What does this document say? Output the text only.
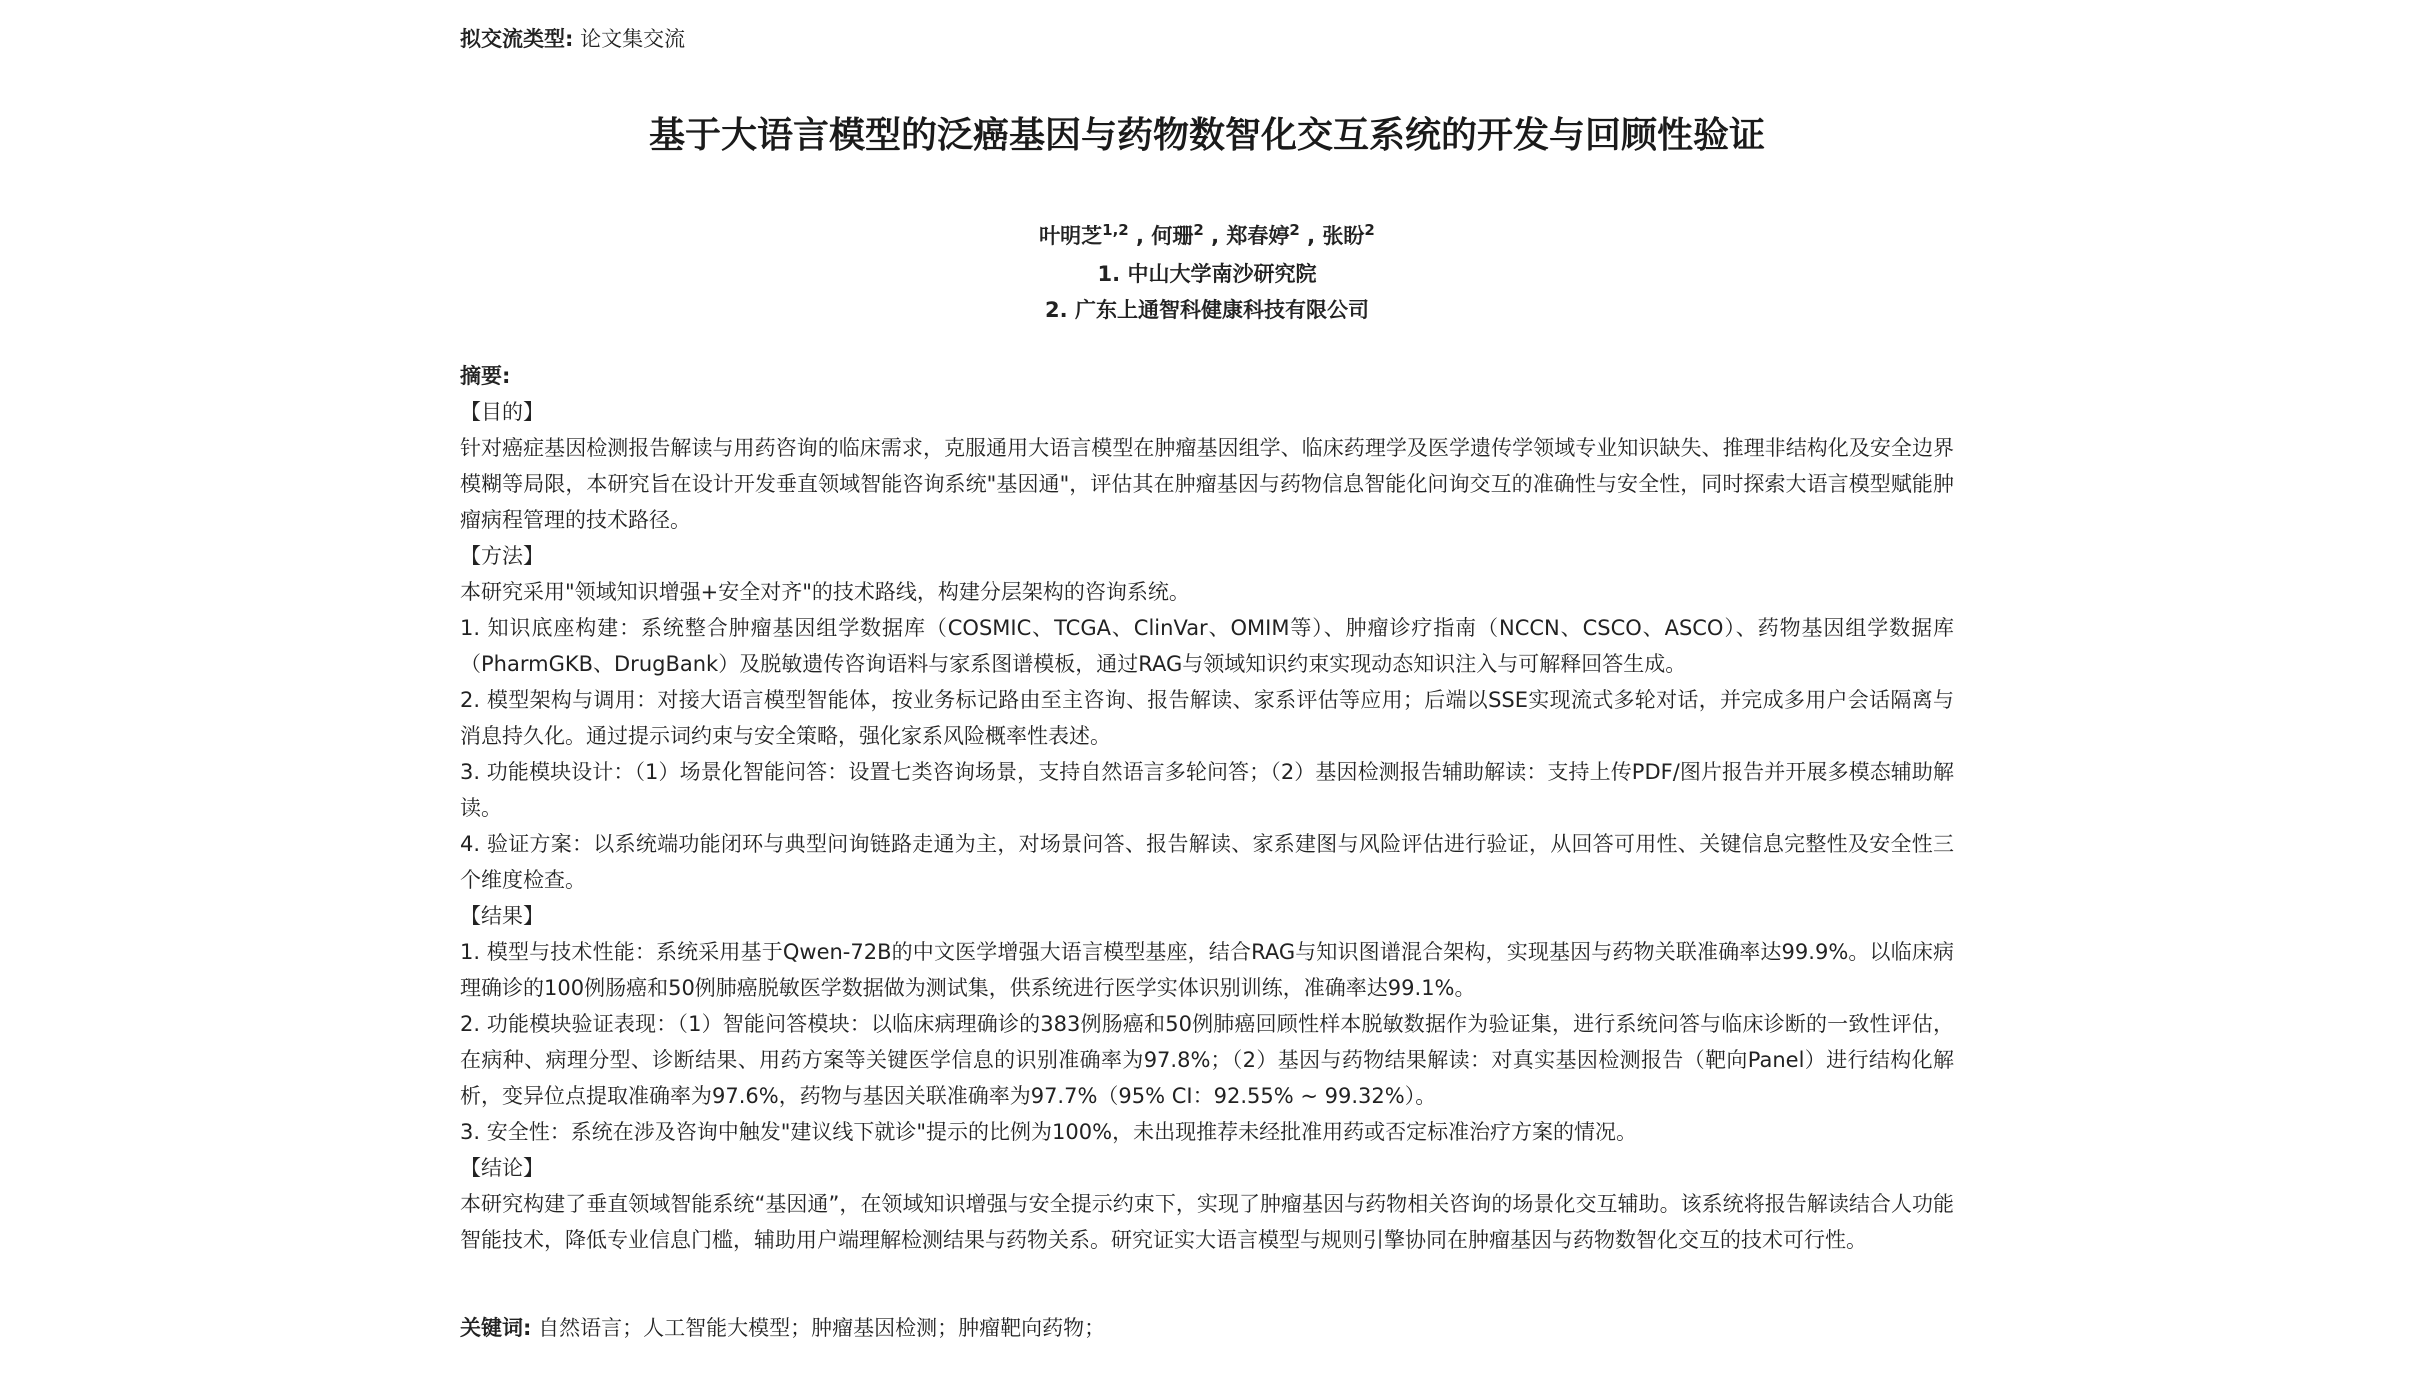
拟交流类型: 论文集交流
基于大语言模型的泛癌基因与药物数智化交互系统的开发与回顾性验证
叶明芝$^{1,2}$ , 何珊$^2$ , 郑春婷$^2$ , 张盼$^2$
1. 中山大学南沙研究院
2. 广东上通智科健康科技有限公司

摘要:

【目的】

针对癌症基因检测报告解读与用药咨询的临床需求，克服通用大语言模型在肿瘤基因组学、临床药理学及医学遗传学领域专业知识缺失、推理非结构化及安全边界模糊等局限，本研究旨在设计开发垂直领域智能咨询系统"基因通"，评估其在肿瘤基因与药物信息智能化问询交互的准确性与安全性，同时探索大语言模型赋能肿瘤病程管理的技术路径。

【方法】

本研究采用"领域知识增强+安全对齐"的技术路线，构建分层架构的咨询系统。

1. 知识底座构建：系统整合肿瘤基因组学数据库（COSMIC、TCGA、ClinVar、OMIM等）、肿瘤诊疗指南（NCCN、CSCO、ASCO）、药物基因组学数据库（PharmGKB、DrugBank）及脱敏遗传咨询语料与家系图谱模板，通过RAG与领域知识约束实现动态知识注入与可解释回答生成。

2. 模型架构与调用：对接大语言模型智能体，按业务标记路由至主咨询、报告解读、家系评估等应用；后端以SSE实现流式多轮对话，并完成多用户会话隔离与消息持久化。通过提示词约束与安全策略，强化家系风险概率性表述。

3. 功能模块设计：（1）场景化智能问答：设置七类咨询场景，支持自然语言多轮问答；（2）基因检测报告辅助解读：支持上传PDF/图片报告并开展多模态辅助解读。

4. 验证方案：以系统端功能闭环与典型问询链路走通为主，对场景问答、报告解读、家系建图与风险评估进行验证，从回答可用性、关键信息完整性及安全性三个维度检查。

【结果】

1. 模型与技术性能：系统采用基于Qwen-72B的中文医学增强大语言模型基座，结合RAG与知识图谱混合架构，实现基因与药物关联准确率达99.9%。以临床病理确诊的100例肠癌和50例肺癌脱敏医学数据做为测试集，供系统进行医学实体识别训练，准确率达99.1%。

2. 功能模块验证表现：（1）智能问答模块：以临床病理确诊的383例肠癌和50例肺癌回顾性样本脱敏数据作为验证集，进行系统问答与临床诊断的一致性评估，在病种、病理分型、诊断结果、用药方案等关键医学信息的识别准确率为97.8%；（2）基因与药物结果解读：对真实基因检测报告（靶向Panel）进行结构化解析，变异位点提取准确率为97.6%，药物与基因关联准确率为97.7%（95% CI：92.55% ~ 99.32%）。

3. 安全性：系统在涉及咨询中触发"建议线下就诊"提示的比例为100%，未出现推荐未经批准用药或否定标准治疗方案的情况。

【结论】

本研究构建了垂直领域智能系统“基因通”，在领域知识增强与安全提示约束下，实现了肿瘤基因与药物相关咨询的场景化交互辅助。该系统将报告解读结合人功能智能技术，降低专业信息门槛，辅助用户端理解检测结果与药物关系。研究证实大语言模型与规则引擎协同在肿瘤基因与药物数智化交互的技术可行性。

关键词: 自然语言；人工智能大模型；肿瘤基因检测；肿瘤靶向药物；
